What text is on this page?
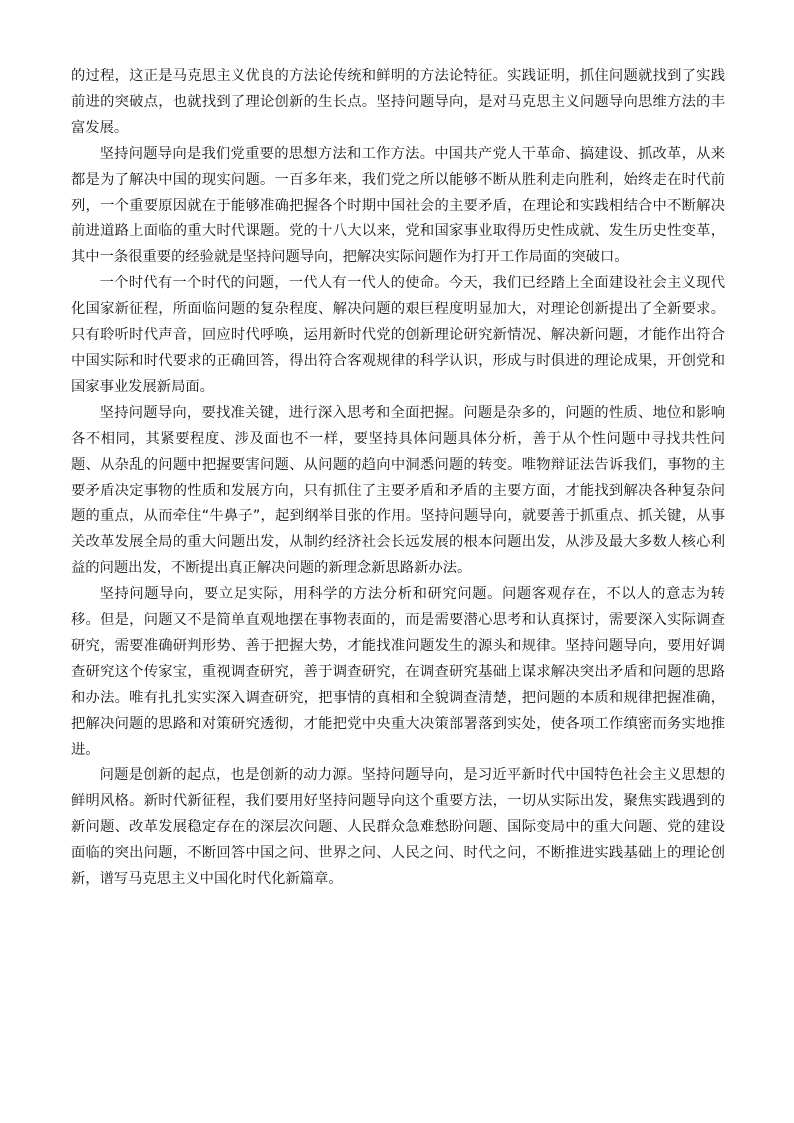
的过程，这正是马克思主义优良的方法论传统和鲜明的方法论特征。实践证明，抓住问题就找到了实践前进的突破点，也就找到了理论创新的生长点。坚持问题导向，是对马克思主义问题导向思维方法的丰富发展。

坚持问题导向是我们党重要的思想方法和工作方法。中国共产党人干革命、搞建设、抓改革，从来都是为了解决中国的现实问题。一百多年来，我们党之所以能够不断从胜利走向胜利，始终走在时代前列，一个重要原因就在于能够准确把握各个时期中国社会的主要矛盾，在理论和实践相结合中不断解决前进道路上面临的重大时代课题。党的十八大以来，党和国家事业取得历史性成就、发生历史性变革，其中一条很重要的经验就是坚持问题导向，把解决实际问题作为打开工作局面的突破口。

一个时代有一个时代的问题，一代人有一代人的使命。今天，我们已经踏上全面建设社会主义现代化国家新征程，所面临问题的复杂程度、解决问题的艰巨程度明显加大，对理论创新提出了全新要求。只有聆听时代声音，回应时代呼唤，运用新时代党的创新理论研究新情况、解决新问题，才能作出符合中国实际和时代要求的正确回答，得出符合客观规律的科学认识，形成与时俱进的理论成果，开创党和国家事业发展新局面。

坚持问题导向，要找准关键，进行深入思考和全面把握。问题是杂多的，问题的性质、地位和影响各不相同，其紧要程度、涉及面也不一样，要坚持具体问题具体分析，善于从个性问题中寻找共性问题、从杂乱的问题中把握要害问题、从问题的趋向中洞悉问题的转变。唯物辩证法告诉我们，事物的主要矛盾决定事物的性质和发展方向，只有抓住了主要矛盾和矛盾的主要方面，才能找到解决各种复杂问题的重点，从而牵住“牛鼻子”，起到纲举目张的作用。坚持问题导向，就要善于抓重点、抓关键，从事关改革发展全局的重大问题出发，从制约经济社会长远发展的根本问题出发，从涉及最大多数人核心利益的问题出发，不断提出真正解决问题的新理念新思路新办法。

坚持问题导向，要立足实际，用科学的方法分析和研究问题。问题客观存在，不以人的意志为转移。但是，问题又不是简单直观地摆在事物表面的，而是需要潜心思考和认真探讨，需要深入实际调查研究，需要准确研判形势、善于把握大势，才能找准问题发生的源头和规律。坚持问题导向，要用好调查研究这个传家宝，重视调查研究，善于调查研究，在调查研究基础上谋求解决突出矛盾和问题的思路和办法。唯有扎扎实实深入调查研究，把事情的真相和全貌调查清楚，把问题的本质和规律把握准确，把解决问题的思路和对策研究透彻，才能把党中央重大决策部署落到实处，使各项工作缜密而务实地推进。

问题是创新的起点，也是创新的动力源。坚持问题导向，是习近平新时代中国特色社会主义思想的鲜明风格。新时代新征程，我们要用好坚持问题导向这个重要方法，一切从实际出发，聚焦实践遇到的新问题、改革发展稳定存在的深层次问题、人民群众急难愁盼问题、国际变局中的重大问题、党的建设面临的突出问题，不断回答中国之问、世界之问、人民之问、时代之问，不断推进实践基础上的理论创新，谱写马克思主义中国化时代化新篇章。
